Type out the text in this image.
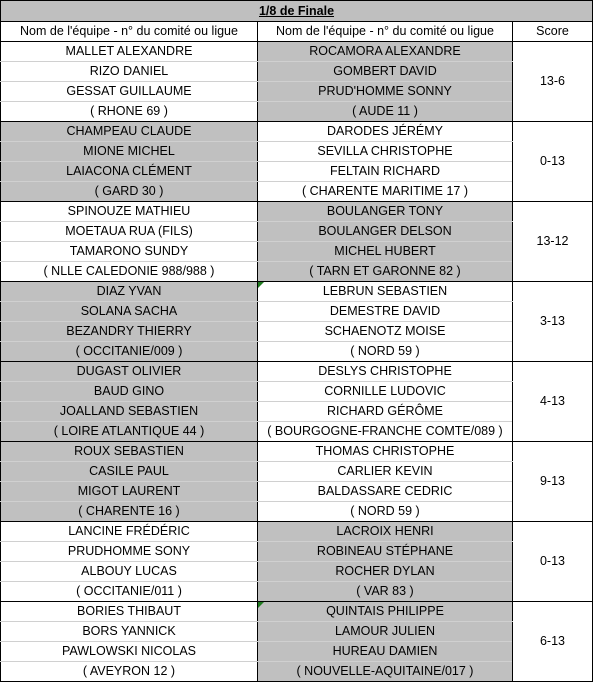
1/8 de Finale		
Nom de l'équipe - n° du comité ou ligue	Nom de l'équipe - n° du comité ou ligue	Score
MALLET ALEXANDRE	ROCAMORA ALEXANDRE	13-6
RIZO DANIEL	GOMBERT DAVID	
GESSAT GUILLAUME	PRUD'HOMME SONNY	
( RHONE 69 )	( AUDE 11 )	
CHAMPEAU CLAUDE	DARODES JÉRÉMY	0-13
MIONE MICHEL	SEVILLA CHRISTOPHE	
LAIACONA CLÉMENT	FELTAIN RICHARD	
( GARD 30 )	( CHARENTE MARITIME 17 )	
SPINOUZE MATHIEU	BOULANGER TONY	13-12
MOETAUA RUA (FILS)	BOULANGER DELSON	
TAMARONO SUNDY	MICHEL HUBERT	
( NLLE CALEDONIE 988/988 )	( TARN ET GARONNE 82 )	
DIAZ YVAN	LEBRUN SEBASTIEN	3-13
SOLANA SACHA	DEMESTRE DAVID	
BEZANDRY THIERRY	SCHAENOTZ MOISE	
( OCCITANIE/009 )	( NORD 59 )	
DUGAST OLIVIER	DESLYS CHRISTOPHE	4-13
BAUD GINO	CORNILLE LUDOVIC	
JOALLAND SEBASTIEN	RICHARD GÉRÔME	
( LOIRE ATLANTIQUE 44 )	( BOURGOGNE-FRANCHE COMTE/089 )	
ROUX SEBASTIEN	THOMAS CHRISTOPHE	9-13
CASILE PAUL	CARLIER KEVIN	
MIGOT LAURENT	BALDASSARE CEDRIC	
( CHARENTE 16 )	( NORD 59 )	
LANCINE FRÉDÉRIC	LACROIX HENRI	0-13
PRUDHOMME SONY	ROBINEAU STÉPHANE	
ALBOUY LUCAS	ROCHER DYLAN	
( OCCITANIE/011 )	( VAR 83 )	
BORIES THIBAUT	QUINTAIS PHILIPPE	6-13
BORS YANNICK	LAMOUR JULIEN	
PAWLOWSKI NICOLAS	HUREAU DAMIEN	
( AVEYRON 12 )	( NOUVELLE-AQUITAINE/017 )	
